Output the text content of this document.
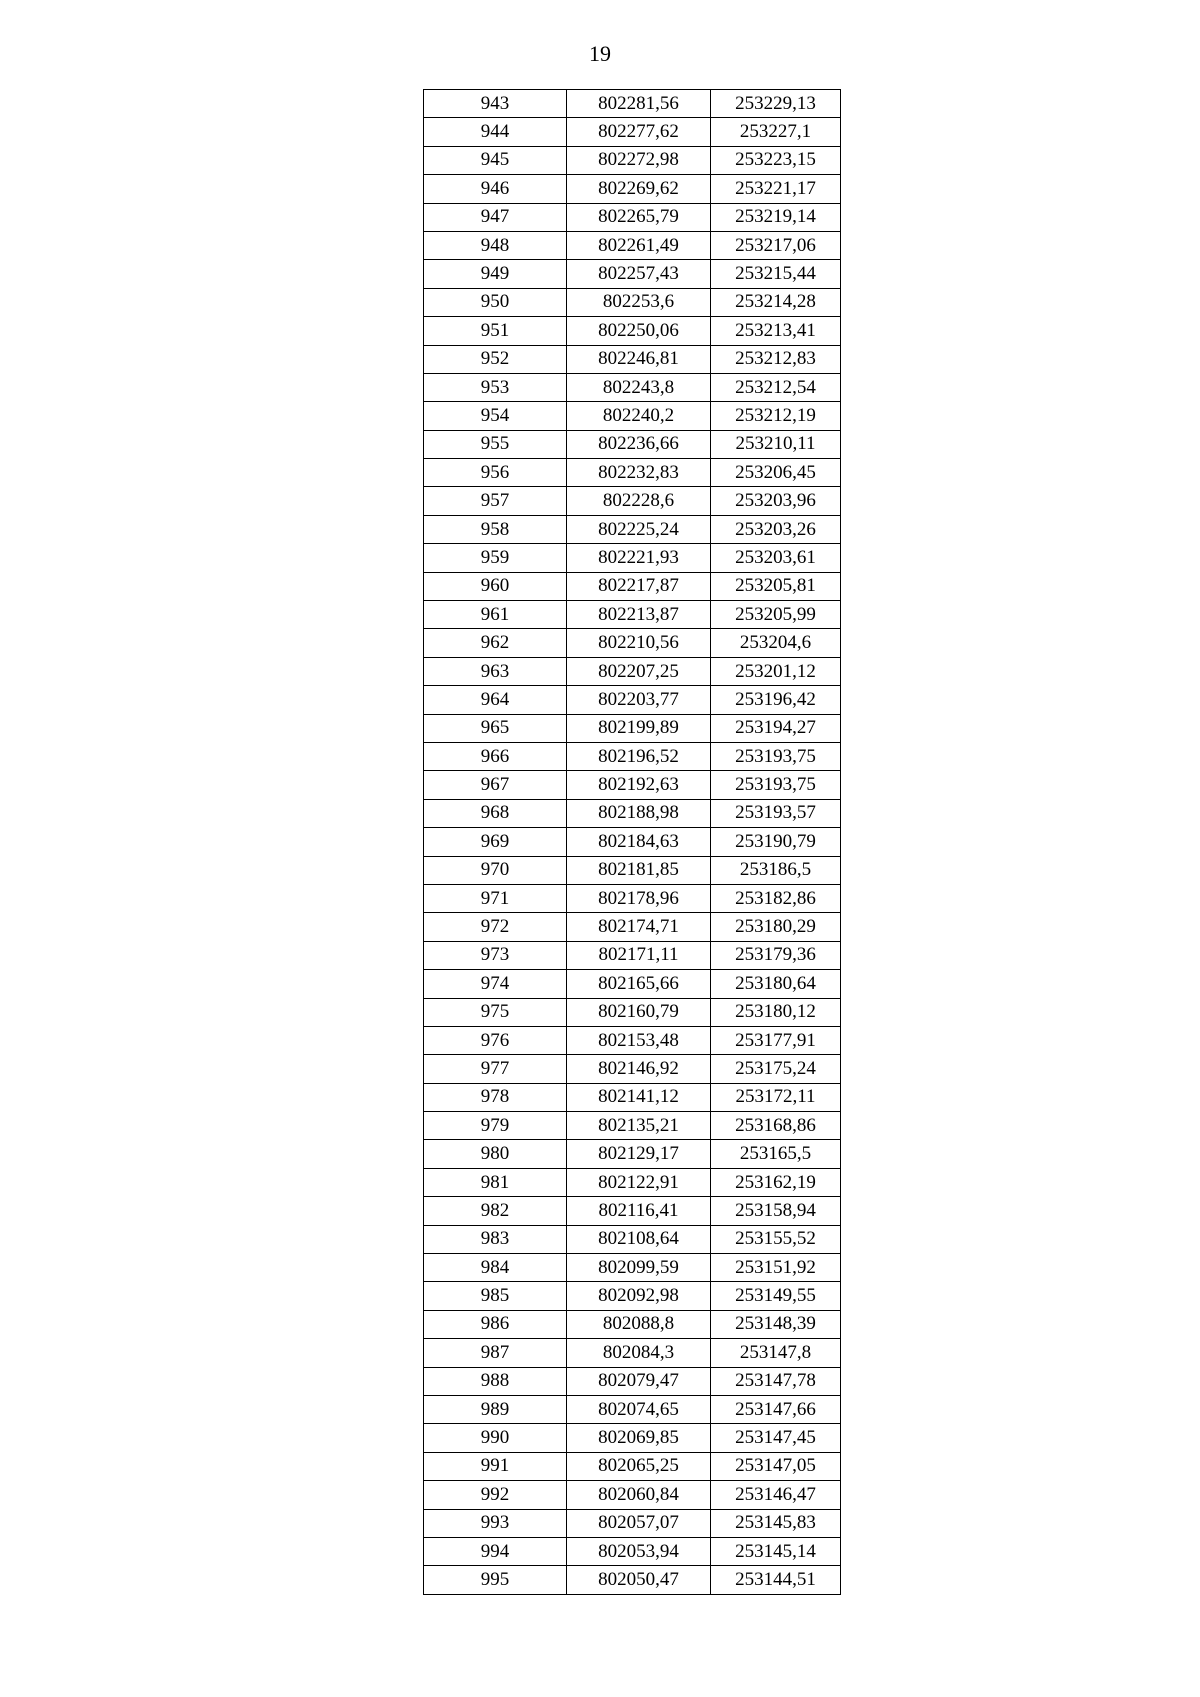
19
943	802281,56	253229,13
944	802277,62	253227,1
945	802272,98	253223,15
946	802269,62	253221,17
947	802265,79	253219,14
948	802261,49	253217,06
949	802257,43	253215,44
950	802253,6	253214,28
951	802250,06	253213,41
952	802246,81	253212,83
953	802243,8	253212,54
954	802240,2	253212,19
955	802236,66	253210,11
956	802232,83	253206,45
957	802228,6	253203,96
958	802225,24	253203,26
959	802221,93	253203,61
960	802217,87	253205,81
961	802213,87	253205,99
962	802210,56	253204,6
963	802207,25	253201,12
964	802203,77	253196,42
965	802199,89	253194,27
966	802196,52	253193,75
967	802192,63	253193,75
968	802188,98	253193,57
969	802184,63	253190,79
970	802181,85	253186,5
971	802178,96	253182,86
972	802174,71	253180,29
973	802171,11	253179,36
974	802165,66	253180,64
975	802160,79	253180,12
976	802153,48	253177,91
977	802146,92	253175,24
978	802141,12	253172,11
979	802135,21	253168,86
980	802129,17	253165,5
981	802122,91	253162,19
982	802116,41	253158,94
983	802108,64	253155,52
984	802099,59	253151,92
985	802092,98	253149,55
986	802088,8	253148,39
987	802084,3	253147,8
988	802079,47	253147,78
989	802074,65	253147,66
990	802069,85	253147,45
991	802065,25	253147,05
992	802060,84	253146,47
993	802057,07	253145,83
994	802053,94	253145,14
995	802050,47	253144,51
